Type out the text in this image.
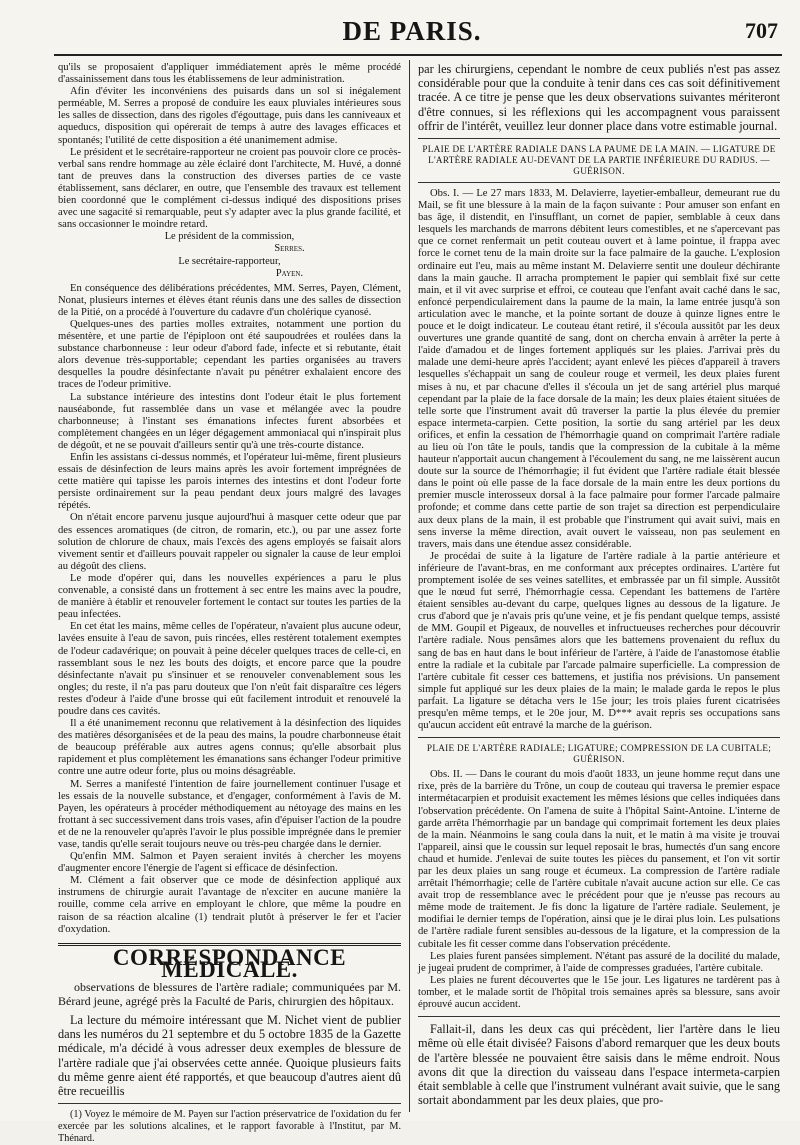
DE PARIS.	707

qu'ils se proposaient d'appliquer immédiatement après le même procédé d'assainissement dans tous les établissemens de leur administration.

Afin d'éviter les inconvéniens des puisards dans un sol si inégalement perméable, M. Serres a proposé de conduire les eaux pluviales intérieures sous les salles de dissection, dans des rigoles d'égouttage, puis dans les canniveaux et aqueducs, disposition qui opérerait de temps à autre des lavages efficaces et spontanés; l'utilité de cette disposition a été unanimement admise.

Le président et le secrétaire-rapporteur ne croient pas pouvoir clore ce procès-verbal sans rendre hommage au zèle éclairé dont l'architecte, M. Huvé, a donné tant de preuves dans la construction des diverses parties de ce vaste établissement, sans déclarer, en outre, que l'ensemble des travaux est tellement bien coordonné que le complément ci-dessus indiqué des dispositions prises avec une sagacité si remarquable, peut s'y adapter avec la plus grande facilité, et sans occasionner le moindre retard.

Le président de la commission,
Serres.
Le secrétaire-rapporteur,
Payen.

En conséquence des délibérations précédentes, MM. Serres, Payen, Clément, Nonat, plusieurs internes et élèves étant réunis dans une des salles de dissection de la Pitié, on a procédé à l'ouverture du cadavre d'un cholérique cyanosé.

Quelques-unes des parties molles extraites, notamment une portion du mésentère, et une partie de l'épiploon ont été saupoudrées et roulées dans la substance charbonneuse : leur odeur d'abord fade, infecte et si rebutante, était alors devenue très-supportable; cependant les parties organisées au travers desquelles la poudre désinfectante n'avait pu pénétrer exhalaient encore des traces de l'odeur primitive.

La substance intérieure des intestins dont l'odeur était le plus fortement nauséabonde, fut rassemblée dans un vase et mélangée avec la poudre charbonneuse; à l'instant ses émanations infectes furent absorbées et complètement changées en un léger dégagement ammoniacal qui n'inspirait plus de dégoût, et ne se pouvait d'ailleurs sentir qu'à une très-courte distance.

Enfin les assistans ci-dessus nommés, et l'opérateur lui-même, firent plusieurs essais de désinfection de leurs mains après les avoir fortement imprégnées de cette matière qui tapisse les parois internes des intestins et dont l'odeur forte persiste ordinairement sur la peau pendant deux jours malgré des lavages répétés.

On n'était encore parvenu jusque aujourd'hui à masquer cette odeur que par des essences aromatiques (de citron, de romarin, etc.), ou par une assez forte solution de chlorure de chaux, mais l'excès des agens employés se faisait alors vivement sentir et d'ailleurs pouvait rappeler ou signaler la cause de leur emploi au dégoût des cliens.

Le mode d'opérer qui, dans les nouvelles expériences a paru le plus convenable, a consisté dans un frottement à sec entre les mains avec la poudre, de manière à établir et renouveler fortement le contact sur toutes les parties de la peau infectées.

En cet état les mains, même celles de l'opérateur, n'avaient plus aucune odeur, lavées ensuite à l'eau de savon, puis rincées, elles restèrent totalement exemptes de l'odeur cadavérique; on pouvait à peine déceler quelques traces de celle-ci, en rassemblant sous le nez les bouts des doigts, et encore parce que la poudre désinfectante n'avait pu s'insinuer et se renouveler convenablement sous les ongles; du reste, il n'a pas paru douteux que l'on n'eût fait disparaître ces légers restes d'odeur à l'aide d'une brosse qui eût facilement introduit et renouvelé la poudre dans ces cavités.

Il a été unanimement reconnu que relativement à la désinfection des liquides des matières désorganisées et de la peau des mains, la poudre charbonneuse était de beaucoup préférable aux autres agens connus; qu'elle absorbait plus rapidement et plus complètement les émanations sans échanger l'odeur primitive contre une autre odeur forte, plus ou moins désagréable.

M. Serres a manifesté l'intention de faire journellement continuer l'usage et les essais de la nouvelle substance, et d'engager, conformément à l'avis de M. Payen, les opérateurs à procéder méthodiquement au nétoyage des mains en les frottant à sec successivement dans trois vases, afin d'épuiser l'action de la poudre et de ne la renouveler qu'après l'avoir le plus possible imprégnée dans le premier vase, tandis qu'elle serait toujours neuve ou très-peu chargée dans le dernier.

Qu'enfin MM. Salmon et Payen seraient invités à chercher les moyens d'augmenter encore l'énergie de l'agent si efficace de désinfection.

M. Clément a fait observer que ce mode de désinfection appliqué aux instrumens de chirurgie aurait l'avantage de n'exciter en aucune manière la rouille, comme cela arrive en employant le chlore, que même la poudre en raison de sa réaction alcaline (1) tendrait plutôt à préserver le fer et l'acier d'oxydation.

CORRESPONDANCE MÉDICALE.

observations de blessures de l'artère radiale; communiquées par M. Bérard jeune, agrégé près la Faculté de Paris, chirurgien des hôpitaux.

La lecture du mémoire intéressant que M. Nichet vient de publier dans les numéros du 21 septembre et du 5 octobre 1835 de la Gazette médicale, m'a décidé à vous adresser deux exemples de blessure de l'artère radiale que j'ai observées cette année. Quoique plusieurs faits du même genre aient été rapportés, et que beaucoup d'autres aient dû être recueillis

(1) Voyez le mémoire de M. Payen sur l'action préservatrice de l'oxidation du fer exercée par les solutions alcalines, et le rapport favorable à l'Institut, par M. Thénard.

par les chirurgiens, cependant le nombre de ceux publiés n'est pas assez considérable pour que la conduite à tenir dans ces cas soit définitivement tracée. A ce titre je pense que les deux observations suivantes mériteront d'être connues, si les réflexions qui les accompagnent vous paraissent offrir de l'intérêt, veuillez leur donner place dans votre estimable journal.

PLAIE DE L'ARTÈRE RADIALE DANS LA PAUME DE LA MAIN. — LIGATURE DE L'ARTÈRE RADIALE AU-DEVANT DE LA PARTIE INFÉRIEURE DU RADIUS. — GUÉRISON.

Obs. I. — Le 27 mars 1833, M. Delavierre, layetier-emballeur, demeurant rue du Mail, se fit une blessure à la main de la façon suivante : Pour amuser son enfant en bas âge, il distendit, en l'insufflant, un cornet de papier, semblable à ceux dans lesquels les marchands de marrons débitent leurs comestibles, et ne s'apercevant pas que ce cornet renfermait un petit couteau ouvert et à lame pointue, il frappa avec force le cornet tenu de la main droite sur la face palmaire de la gauche. L'explosion ordinaire eut l'eu, mais au même instant M. Delavierre sentit une douleur déchirante dans la main gauche. Il arracha promptement le papier qui semblait fixé sur cette main, et il vit avec surprise et effroi, ce couteau que l'enfant avait caché dans le sac, enfoncé perpendiculairement dans la paume de la main, la lame entrée jusqu'à son articulation avec le manche, et la pointe sortant de douze à quinze lignes entre le pouce et le doigt indicateur. Le couteau étant retiré, il s'écoula aussitôt par les deux ouvertures une grande quantité de sang, dont on chercha envain à arrêter la perte à l'aide d'amadou et de linges fortement appliqués sur les plaies. J'arrivai près du malade une demi-heure après l'accident; ayant enlevé les pièces d'appareil à travers lesquelles s'échappait un sang de couleur rouge et vermeil, les deux plaies furent mises à nu, et par chacune d'elles il s'écoula un jet de sang artériel plus marqué cependant par la plaie de la face dorsale de la main; les deux plaies étaient situées de telle sorte que l'instrument avait dû traverser la partie la plus élevée du premier espace intermeta-carpien. Cette position, la sortie du sang artériel par les deux orifices, et enfin la cessation de l'hémorrhagie quand on comprimait l'artère radiale au lieu où l'on tâte le pouls, tandis que la compression de la cubitale à la même hauteur n'apportait aucun changement à l'écoulement du sang, ne me laissèrent aucun doute sur la source de l'hémorrhagie; il fut évident que l'artère radiale était blessée dans le point où elle passe de la face dorsale de la main entre les deux portions du premier muscle interosseux dorsal à la face palmaire pour former l'arcade palmaire profonde; et comme dans cette partie de son trajet sa direction est perpendiculaire aux deux plans de la main, il est probable que l'instrument qui avait suivi, mais en sens inverse la même direction, avait ouvert le vaisseau, non pas seulement en travers, mais dans une étendue assez considérable.

Je procédai de suite à la ligature de l'artère radiale à la partie antérieure et inférieure de l'avant-bras, en me conformant aux préceptes ordinaires. L'artère fut promptement isolée de ses veines satellites, et embrassée par un fil simple. Aussitôt que le nœud fut serré, l'hémorrhagie cessa. Cependant les battemens de l'artère étaient sensibles au-devant du carpe, quelques lignes au dessous de la ligature. Je crus d'abord que je n'avais pris qu'une veine, et je fis pendant quelque temps, assisté de MM. Goupil et Pigeaux, de nouvelles et infructueuses recherches pour découvrir l'artère radiale. Nous pensâmes alors que les battemens provenaient du reflux du sang de bas en haut dans le bout inférieur de l'artère, à l'aide de l'anastomose établie entre la radiale et la cubitale par l'arcade palmaire superficielle. La compression de l'artère cubitale fit cesser ces battemens, et justifia nos prévisions. Un pansement simple fut appliqué sur les deux plaies de la main; le malade garda le repos le plus parfait. La ligature se détacha vers le 15e jour; les trois plaies furent cicatrisées presqu'en même temps, et le 20e jour, M. D*** avait repris ses occupations sans qu'aucun accident eût entravé la marche de la guérison.

PLAIE DE L'ARTÈRE RADIALE; LIGATURE; COMPRESSION DE LA CUBITALE; GUÉRISON.

Obs. II. — Dans le courant du mois d'août 1833, un jeune homme reçut dans une rixe, près de la barrière du Trône, un coup de couteau qui traversa le premier espace intermétacarpien et produisit exactement les mêmes lésions que celles indiquées dans l'observation précédente. On l'amena de suite à l'hôpital Saint-Antoine. L'interne de garde arrêta l'hémorrhagie par un bandage qui comprimait fortement les deux plaies de la main. Néanmoins le sang coula dans la nuit, et le matin à ma visite je trouvai l'appareil, ainsi que le coussin sur lequel reposait le bras, humectés d'un sang encore chaud et humide. J'enlevai de suite toutes les pièces du pansement, et l'on vit sortir par les deux plaies un sang rouge et écumeux. La compression de l'artère radiale arrêtait l'hémorrhagie; celle de l'artère cubitale n'avait aucune action sur elle. Ce cas avait trop de ressemblance avec le précédent pour que je n'eusse pas recours au même mode de traitement. Je fis donc la ligature de l'artère radiale. Seulement, je modifiai le dernier temps de l'opération, ainsi que je le dirai plus loin. Les pulsations de l'artère radiale furent sensibles au-dessous de la ligature, et la compression de la cubitale les fit cesser comme dans l'observation précédente.

Les plaies furent pansées simplement. N'étant pas assuré de la docilité du malade, je jugeai prudent de comprimer, à l'aide de compresses graduées, l'artère cubitale.

Les plaies ne furent découvertes que le 15e jour. Les ligatures ne tardèrent pas à tomber, et le malade sortit de l'hôpital trois semaines après sa blessure, sans avoir éprouvé aucun accident.

Fallait-il, dans les deux cas qui précèdent, lier l'artère dans le lieu même où elle était divisée? Faisons d'abord remarquer que les deux bouts de l'artère blessée ne pouvaient être saisis dans le même endroit. Nous avons dit que la direction du vaisseau dans l'espace intermeta-carpien était semblable à celle que l'instrument vulnérant avait suivie, que le sang sortait abondamment par les deux plaies, que pro-
